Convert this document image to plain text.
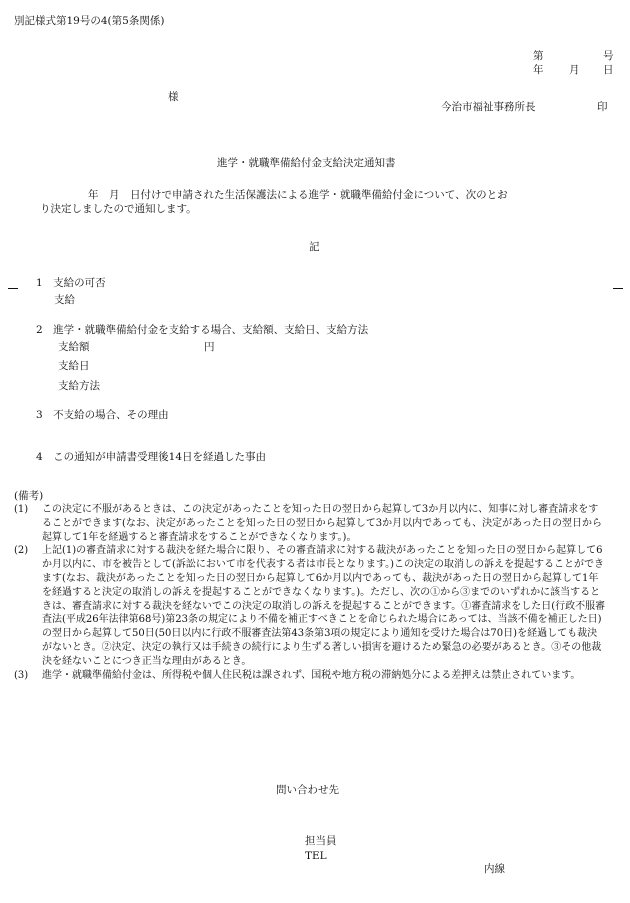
別記様式第19号の4(第5条関係)
第	号
年 月 日
様
今治市福祉事務所長	印
進学・就職準備給付金支給決定通知書
年　月　日付けで申請された生活保護法による進学・就職準備給付金について、次のとお
り決定しましたので通知します。
記
1　支給の可否
支給
2　進学・就職準備給付金を支給する場合、支給額、支給日、支給方法
支給額	円
支給日
支給方法
3　不支給の場合、その理由
4　この通知が申請書受理後14日を経過した事由
(備考)

(1) この決定に不服があるときは、この決定があったことを知った日の翌日から起算して3か月以内に、知事に対し審査請求をすることができます(なお、決定があったことを知った日の翌日から起算して3か月以内であっても、決定があった日の翌日から起算して1年を経過すると審査請求をすることができなくなります。)。

(2) 上記(1)の審査請求に対する裁決を経た場合に限り、その審査請求に対する裁決があったことを知った日の翌日から起算して6か月以内に、市を被告として(訴訟において市を代表する者は市長となります。)この決定の取消しの訴えを提起することができます(なお、裁決があったことを知った日の翌日から起算して6か月以内であっても、裁決があった日の翌日から起算して1年を経過すると決定の取消しの訴えを提起することができなくなります。)。ただし、次の①から③までのいずれかに該当するときは、審査請求に対する裁決を経ないでこの決定の取消しの訴えを提起することができます。①審査請求をした日(行政不服審査法(平成26年法律第68号)第23条の規定により不備を補正すべきことを命じられた場合にあっては、当該不備を補正した日)の翌日から起算して50日(50日以内に行政不服審査法第43条第3項の規定により通知を受けた場合は70日)を経過しても裁決がないとき。②決定、決定の執行又は手続きの続行により生ずる著しい損害を避けるため緊急の必要があるとき。③その他裁決を経ないことにつき正当な理由があるとき。

(3) 進学・就職準備給付金は、所得税や個人住民税は課されず、国税や地方税の滞納処分による差押えは禁止されています。

問い合わせ先
担当員
TEL
内線
